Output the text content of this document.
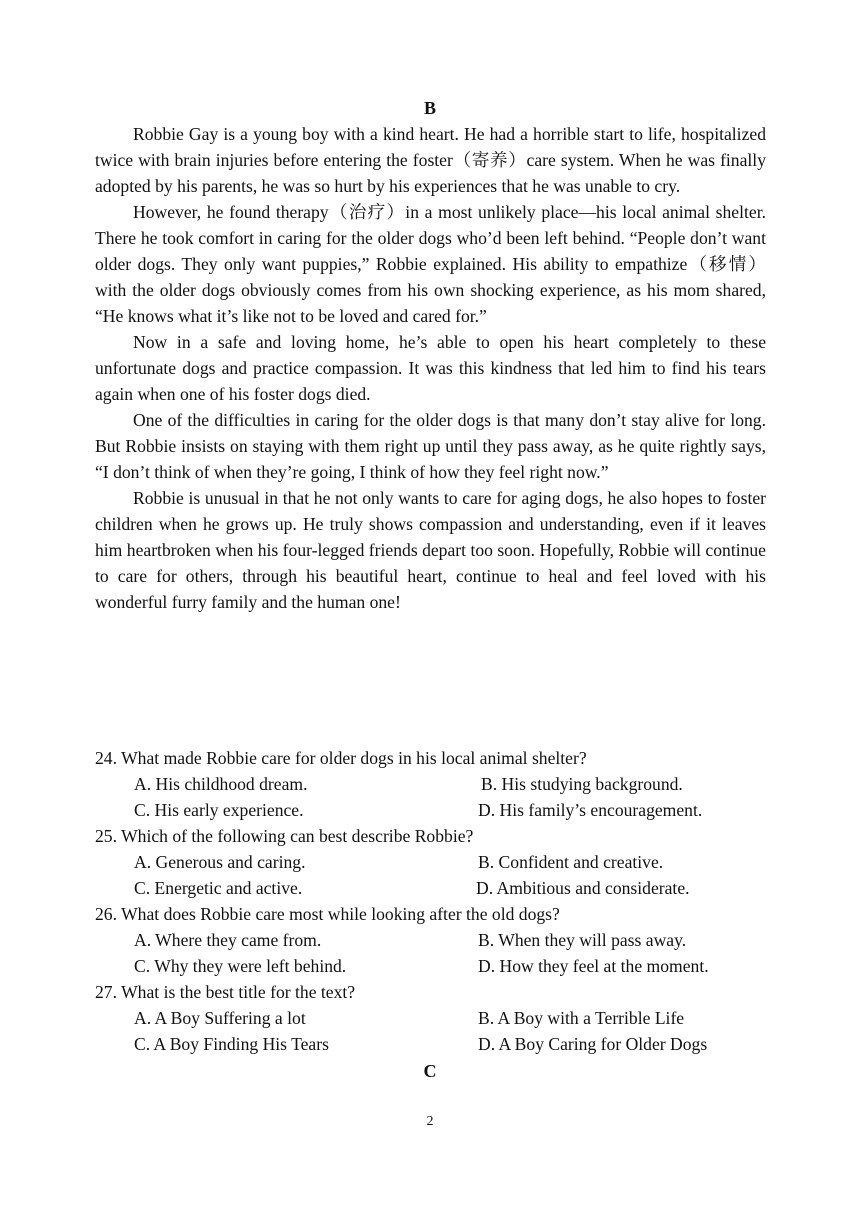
B

Robbie Gay is a young boy with a kind heart. He had a horrible start to life, hospitalized twice with brain injuries before entering the foster（寄养）care system. When he was finally adopted by his parents, he was so hurt by his experiences that he was unable to cry.

However, he found therapy（治疗）in a most unlikely place—his local animal shelter. There he took comfort in caring for the older dogs who’d been left behind. “People don’t want older dogs. They only want puppies,” Robbie explained. His ability to empathize（移情）with the older dogs obviously comes from his own shocking experience, as his mom shared, “He knows what it’s like not to be loved and cared for.”

Now in a safe and loving home, he’s able to open his heart completely to these unfortunate dogs and practice compassion. It was this kindness that led him to find his tears again when one of his foster dogs died.

One of the difficulties in caring for the older dogs is that many don’t stay alive for long. But Robbie insists on staying with them right up until they pass away, as he quite rightly says, “I don’t think of when they’re going, I think of how they feel right now.”

Robbie is unusual in that he not only wants to care for aging dogs, he also hopes to foster children when he grows up. He truly shows compassion and understanding, even if it leaves him heartbroken when his four-legged friends depart too soon. Hopefully, Robbie will continue to care for others, through his beautiful heart, continue to heal and feel loved with his wonderful furry family and the human one!

24. What made Robbie care for older dogs in his local animal shelter?

A. His childhood dream.	B. His studying background.
C. His early experience.	D. His family’s encouragement.

25. Which of the following can best describe Robbie?

A. Generous and caring.	B. Confident and creative.
C. Energetic and active.	D. Ambitious and considerate.

26. What does Robbie care most while looking after the old dogs?

A. Where they came from.	B. When they will pass away.
C. Why they were left behind.	D. How they feel at the moment.

27. What is the best title for the text?

A. A Boy Suffering a lot	B. A Boy with a Terrible Life
C. A Boy Finding His Tears	D. A Boy Caring for Older Dogs
C
2
